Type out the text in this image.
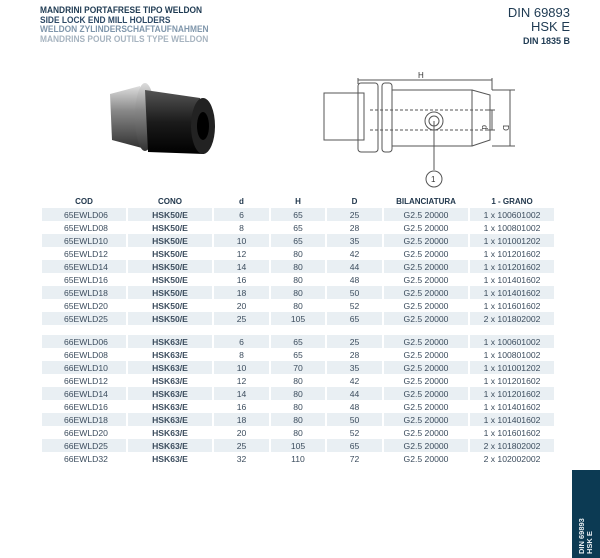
MANDRINI PORTAFRESE TIPO WELDON
SIDE LOCK END MILL HOLDERS
WELDON ZYLINDERSCHAFTAUFNAHMEN
MANDRINS POUR OUTILS TYPE WELDON
DIN 69893
HSK E
DIN 1835 B
H
d D
1
COD	CONO	d	H	D	BILANCIATURA	1 - GRANO
65EWLD06	HSK50/E	6	65	25	G2.5 20000	1 x 100601002
65EWLD08	HSK50/E	8	65	28	G2.5 20000	1 x 100801002
65EWLD10	HSK50/E	10	65	35	G2.5 20000	1 x 101001202
65EWLD12	HSK50/E	12	80	42	G2.5 20000	1 x 101201602
65EWLD14	HSK50/E	14	80	44	G2.5 20000	1 x 101201602
65EWLD16	HSK50/E	16	80	48	G2.5 20000	1 x 101401602
65EWLD18	HSK50/E	18	80	50	G2.5 20000	1 x 101401602
65EWLD20	HSK50/E	20	80	52	G2.5 20000	1 x 101601602
65EWLD25	HSK50/E	25	105	65	G2.5 20000	2 x 101802002

66EWLD06	HSK63/E	6	65	25	G2.5 20000	1 x 100601002
66EWLD08	HSK63/E	8	65	28	G2.5 20000	1 x 100801002
66EWLD10	HSK63/E	10	70	35	G2.5 20000	1 x 101001202
66EWLD12	HSK63/E	12	80	42	G2.5 20000	1 x 101201602
66EWLD14	HSK63/E	14	80	44	G2.5 20000	1 x 101201602
66EWLD16	HSK63/E	16	80	48	G2.5 20000	1 x 101401602
66EWLD18	HSK63/E	18	80	50	G2.5 20000	1 x 101401602
66EWLD20	HSK63/E	20	80	52	G2.5 20000	1 x 101601602
66EWLD25	HSK63/E	25	105	65	G2.5 20000	2 x 101802002
66EWLD32	HSK63/E	32	110	72	G2.5 20000	2 x 102002002
DIN 69893 HSK E
